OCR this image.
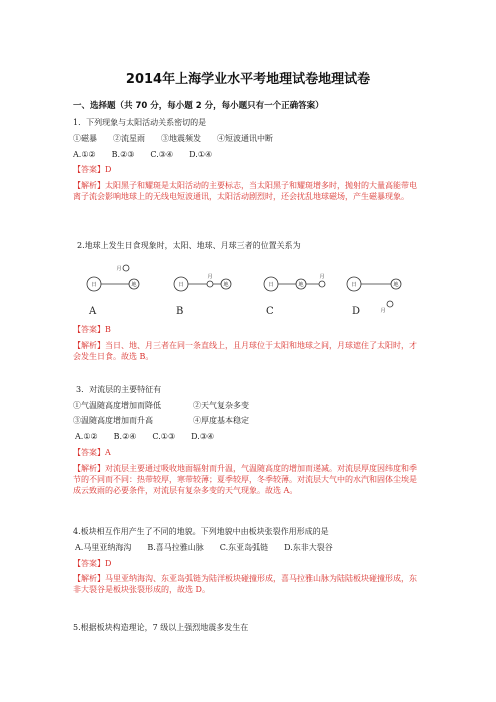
2014年上海学业水平考地理试卷地理试卷
一、选择题（共 70 分，每小题 2 分，每小题只有一个正确答案）
1．下列现象与太阳活动关系密切的是
①磁暴　　②流星雨　　③地震频发　　④短波通讯中断
A.①②　　B.②③　　C.③④　　D.①④
【答案】D
【解析】太阳黑子和耀斑是太阳活动的主要标志，当太阳黑子和耀斑增多时，抛射的大量高能带电离子流会影响地球上的无线电短波通讯，太阳活动剧烈时，还会扰乱地球磁场，产生磁暴现象。
2.地球上发生日食现象时，太阳、地球、月球三者的位置关系为
日	地
月
日
月
地	日	地
月
日	地
月
A	B	C	D
【答案】B
【解析】当日、地、月三者在同一条直线上，且月球位于太阳和地球之间，月球遮住了太阳时，才会发生日食。故选 B。
3．对流层的主要特征有
①气温随高度增加而降低　　　　②天气复杂多变
③温随高度增加而升高　　　　　④厚度基本稳定
A.①②　　B.②④　　C.①③　　D.③④
【答案】A
【解析】对流层主要通过吸收地面辐射而升温，气温随高度的增加而递减。对流层厚度因纬度和季节的不同而不同：热带较厚，寒带较薄；夏季较厚，冬季较薄。对流层大气中的水汽和固体尘埃是成云致雨的必要条件，对流层有复杂多变的天气现象。故选 A。
4.板块相互作用产生了不同的地貌。下列地貌中由板块张裂作用形成的是
A.马里亚纳海沟　　B.喜马拉雅山脉　　C.东亚岛弧链　　D.东非大裂谷
【答案】D
【解析】马里亚纳海沟、东亚岛弧链为陆洋板块碰撞形成，喜马拉雅山脉为陆陆板块碰撞形成，东非大裂谷是板块张裂形成的，故选 D。
5.根据板块构造理论，7 级以上强烈地震多发生在
